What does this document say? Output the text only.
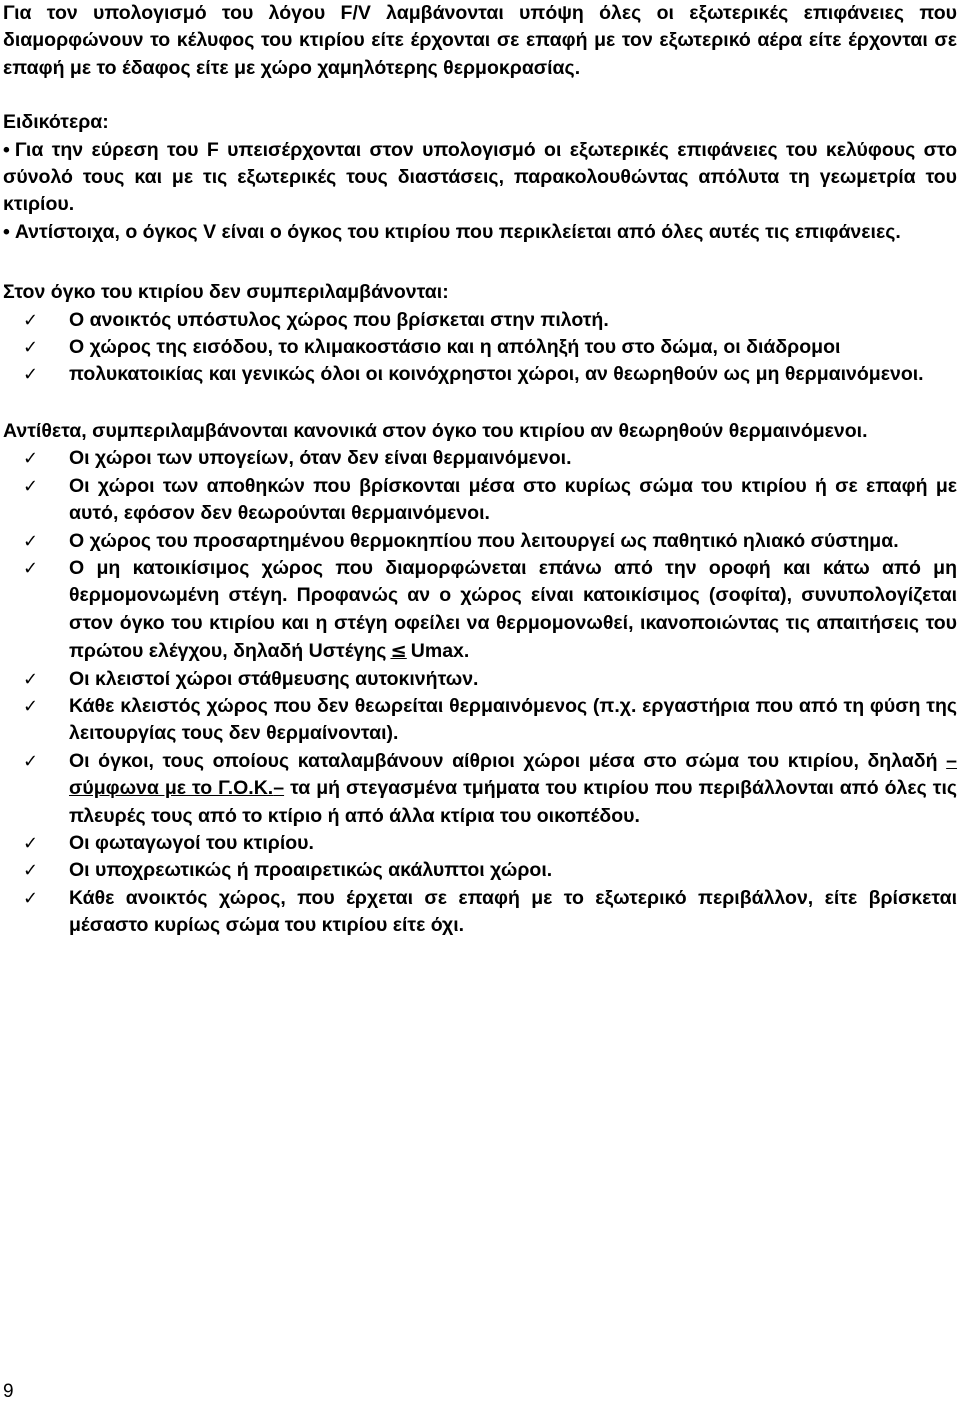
Για τον υπολογισμό του λόγου F/V λαμβάνονται υπόψη όλες οι εξωτερικές επιφάνειες που διαμορφώνουν το κέλυφος του κτιρίου είτε έρχονται σε επαφή με τον εξωτερικό αέρα είτε έρχονται σε επαφή με το έδαφος είτε με χώρο χαμηλότερης θερμοκρασίας.

Ειδικότερα:

• Για την εύρεση του F υπεισέρχονται στον υπολογισμό οι εξωτερικές επιφάνειες του κελύφους στο σύνολό τους και με τις εξωτερικές τους διαστάσεις, παρακολουθώντας απόλυτα τη γεωμετρία του κτιρίου.

• Αντίστοιχα, ο όγκος V είναι ο όγκος του κτιρίου που περικλείεται από όλες αυτές τις επιφάνειες.

Στον όγκο του κτιρίου δεν συμπεριλαμβάνονται:

✓ Ο ανοικτός υπόστυλος χώρος που βρίσκεται στην πιλοτή.
✓ Ο χώρος της εισόδου, το κλιμακοστάσιο και η απόληξή του στο δώμα, οι διάδρομοι
✓ πολυκατοικίας και γενικώς όλοι οι κοινόχρηστοι χώροι, αν θεωρηθούν ως μη θερμαινόμενοι.

Αντίθετα, συμπεριλαμβάνονται κανονικά στον όγκο του κτιρίου αν θεωρηθούν θερμαινόμενοι.

✓ Οι χώροι των υπογείων, όταν δεν είναι θερμαινόμενοι.
✓ Οι χώροι των αποθηκών που βρίσκονται μέσα στο κυρίως σώμα του κτιρίου ή σε επαφή με αυτό, εφόσον δεν θεωρούνται θερμαινόμενοι.
✓ Ο χώρος του προσαρτημένου θερμοκηπίου που λειτουργεί ως παθητικό ηλιακό σύστημα.
✓ Ο μη κατοικίσιμος χώρος που διαμορφώνεται επάνω από την οροφή και κάτω από μη θερμομονωμένη στέγη. Προφανώς αν ο χώρος είναι κατοικίσιμος (σοφίτα), συνυπολογίζεται στον όγκο του κτιρίου και η στέγη οφείλει να θερμομονωθεί, ικανοποιώντας τις απαιτήσεις του πρώτου ελέγχου, δηλαδή Uστέγης ≤ Umax.
✓ Οι κλειστοί χώροι στάθμευσης αυτοκινήτων.
✓ Κάθε κλειστός χώρος που δεν θεωρείται θερμαινόμενος (π.χ. εργαστήρια που από τη φύση της λειτουργίας τους δεν θερμαίνονται).
✓ Οι όγκοι, τους οποίους καταλαμβάνουν αίθριοι χώροι μέσα στο σώμα του κτιρίου, δηλαδή –σύμφωνα με το Γ.Ο.Κ.– τα μή στεγασμένα τμήματα του κτιρίου που περιβάλλονται από όλες τις πλευρές τους από το κτίριο ή από άλλα κτίρια του οικοπέδου.
✓ Οι φωταγωγοί του κτιρίου.
✓ Οι υποχρεωτικώς ή προαιρετικώς ακάλυπτοι χώροι.
✓ Κάθε ανοικτός χώρος, που έρχεται σε επαφή με το εξωτερικό περιβάλλον, είτε βρίσκεται μέσαστο κυρίως σώμα του κτιρίου είτε όχι.
9
